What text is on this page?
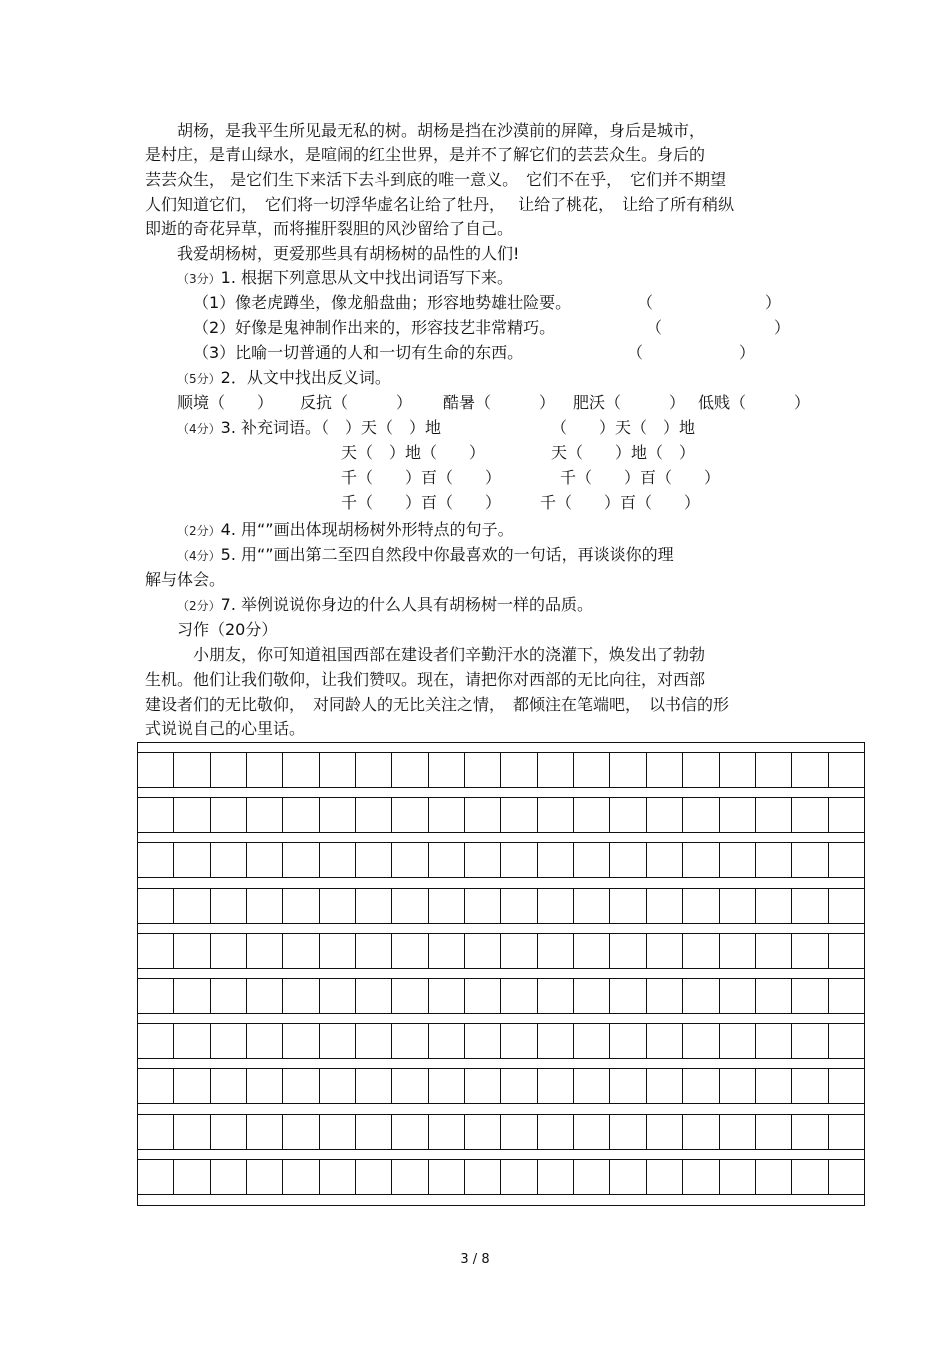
胡杨，是我平生所见最无私的树。胡杨是挡在沙漠前的屏障，身后是城市，
是村庄，是青山绿水，是喧闹的红尘世界，是并不了解它们的芸芸众生。身后的
芸芸众生， 是它们生下来活下去斗到底的唯一意义。　它们不在乎，　它们并不期望
人们知道它们，　它们将一切浮华虚名让给了牡丹，　 让给了桃花，　让给了所有稍纵
即逝的奇花异草，而将摧肝裂胆的风沙留给了自己。
我爱胡杨树，更爱那些具有胡杨树的品性的人们!
（3分）1. 根据下列意思从文中找出词语写下来。
（1）像老虎蹲坐，像龙船盘曲；形容地势雄壮险要。	（　　　　　　　）
（2）好像是鬼神制作出来的，形容技艺非常精巧。	（　　　　　　　）
（3）比喻一切普通的人和一切有生命的东西。	（　　　　　　）
（5分）2．从文中找出反义词。
顺境（　　） 反抗（　　　） 酷暑（　　　） 肥沃（　　　） 低贱（　　　）
（4分）3. 补充词语。（　）天（　）地	（　　）天（　）地
天（　）地（　　）	天（　　）地（　）
千（　　）百（　　）	千（　　）百（　　）
千（　　）百（　　） 千（　　）百（　　）
（2分）4. 用“”画出体现胡杨树外形特点的句子。
（4分）5. 用“”画出第二至四自然段中你最喜欢的一句话，再谈谈你的理
解与体会。
（2分）7. 举例说说你身边的什么人具有胡杨树一样的品质。
习作（20分）
小朋友，你可知道祖国西部在建设者们辛勤汗水的浇灌下，焕发出了勃勃
生机。他们让我们敬仰，让我们赞叹。现在，请把你对西部的无比向往，对西部
建设者们的无比敬仰，　对同龄人的无比关注之情，　都倾注在笔端吧，　以书信的形
式说说自己的心里话。
3 / 8
